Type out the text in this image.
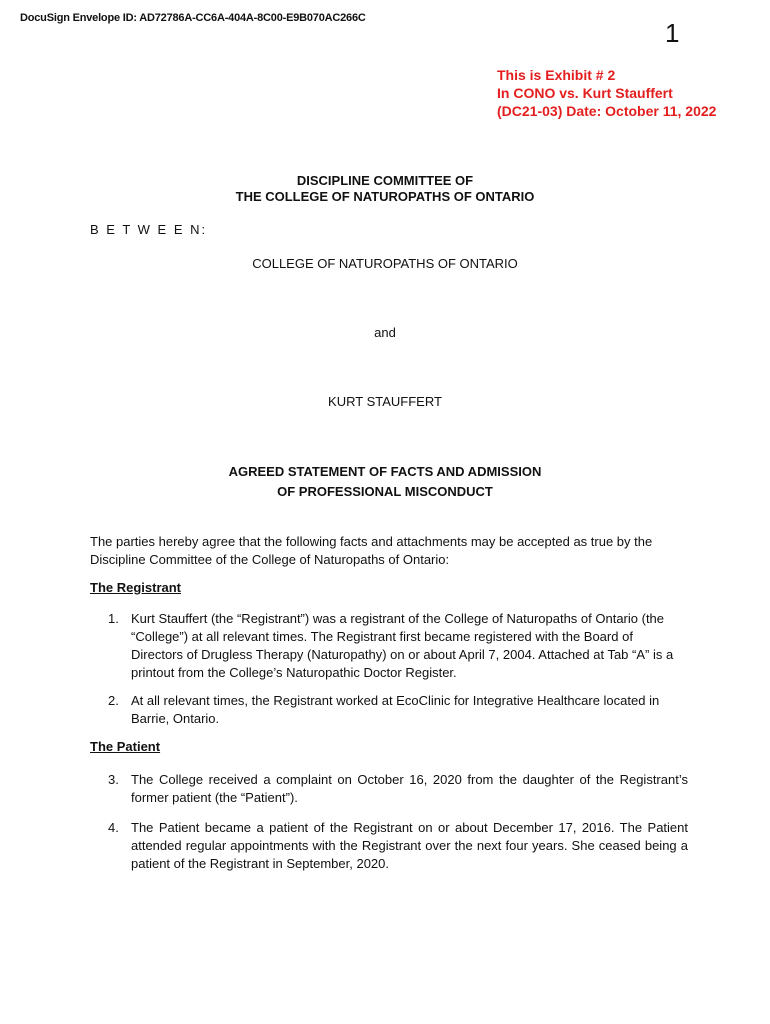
DocuSign Envelope ID: AD72786A-CC6A-404A-8C00-E9B070AC266C	1
This is Exhibit # 2
In CONO vs. Kurt Stauffert
(DC21-03) Date: October 11, 2022
DISCIPLINE COMMITTEE OF
THE COLLEGE OF NATUROPATHS OF ONTARIO
B E T W E E N:
COLLEGE OF NATUROPATHS OF ONTARIO
and
KURT STAUFFERT
AGREED STATEMENT OF FACTS AND ADMISSION
OF PROFESSIONAL MISCONDUCT
The parties hereby agree that the following facts and attachments may be accepted as true by the Discipline Committee of the College of Naturopaths of Ontario:
The Registrant
1. Kurt Stauffert (the “Registrant”) was a registrant of the College of Naturopaths of Ontario (the “College”) at all relevant times. The Registrant first became registered with the Board of Directors of Drugless Therapy (Naturopathy) on or about April 7, 2004. Attached at Tab “A” is a printout from the College’s Naturopathic Doctor Register.
2. At all relevant times, the Registrant worked at EcoClinic for Integrative Healthcare located in Barrie, Ontario.
The Patient
3. The College received a complaint on October 16, 2020 from the daughter of the Registrant’s former patient (the “Patient”).
4. The Patient became a patient of the Registrant on or about December 17, 2016. The Patient attended regular appointments with the Registrant over the next four years. She ceased being a patient of the Registrant in September, 2020.
